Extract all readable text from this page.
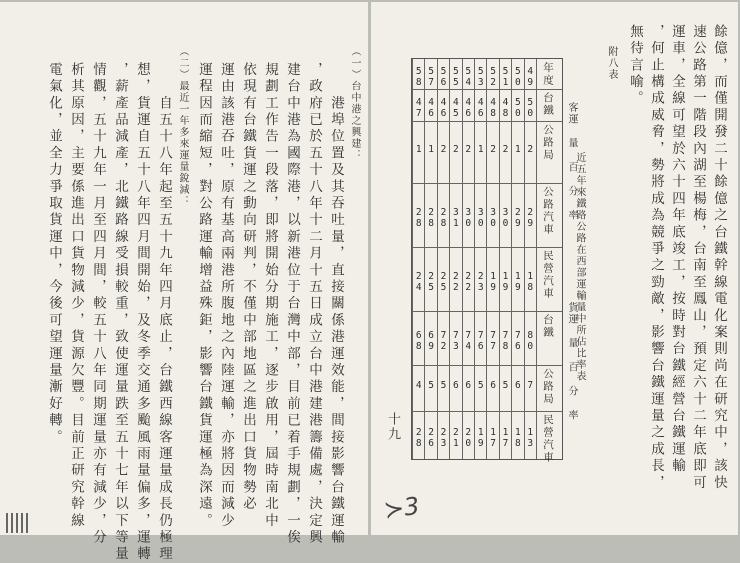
（一）台中港之興建：
　　港埠位置及其吞吐量，直接關係港運效能，間接影響台鐵運輸
，政府已於五十八年十二月十五日成立台中港建港籌備處，決定興
建台中港為國際港，以新港位于台灣中部，目前已着手規劃，一俟
規劃工作告一段落，即將開始分期施工，逐步啟用，屆時南北中
依現有台鐵貨運之動向研判，不僅中部地區之進出口貨物勢必
運由該港吞吐，原有基高兩港所腹地之內陸運輸，亦將因而減少
運程因而縮短，對公路運輸增益殊鉅，影響台鐵貨運極為深遠。
（二）最近一年多來運量銳減：
　　自五十八年起至五十九年四月底止，台鐵西線客運量成長仍極理
想，貨運自五十八年四月間開始，及冬季交通多颱風雨量偏多，運轉
，薪產品減產，北鐵路線受損較重，致使運量跌至五十七年以下等量
情觀，五十九年一月至四月間，較五十八年同期運量亦有減少，分
析其原因，主要係進出口貨物減少，貨源欠豐。目前正研究幹線
電氣化，並全力爭取貨運中，今後可望運量漸好轉。	餘億，而僅開發二十餘億之台鐵幹線電化案則尚在研究中，該快
速公路第一階段內湖至楊梅，台南至鳳山，預定六十二年底即可
運車，全線可望於六十四年底竣工，按時對台鐵經營台鐵運輸
，何止構成威脅，勢將成為競爭之勁敵，影響台鐵運量之成長，
無待言喻。
附八表
近五年來鐵路公路在西部運輸量中所佔比率表
十九
年度
台鐵
公路局
公路汽車
民營汽車
台鐵
公路局
民營汽車
49
50
2
29
18
80
7
13
50
50
1
29
19
76
6
18
51
48
2
30
19
78
5
17
52
48
2
30
19
77
6
17
53
46
1
30
23
76
5
19
54
46
2
30
22
74
6
20
55
45
2
31
22
73
6
21
56
46
2
28
25
72
5
23
57
46
1
28
25
69
5
26
58
47
1
28
24
68
4
28
客運 量 百 分 率
貨運 量 百 分 率
≻3
